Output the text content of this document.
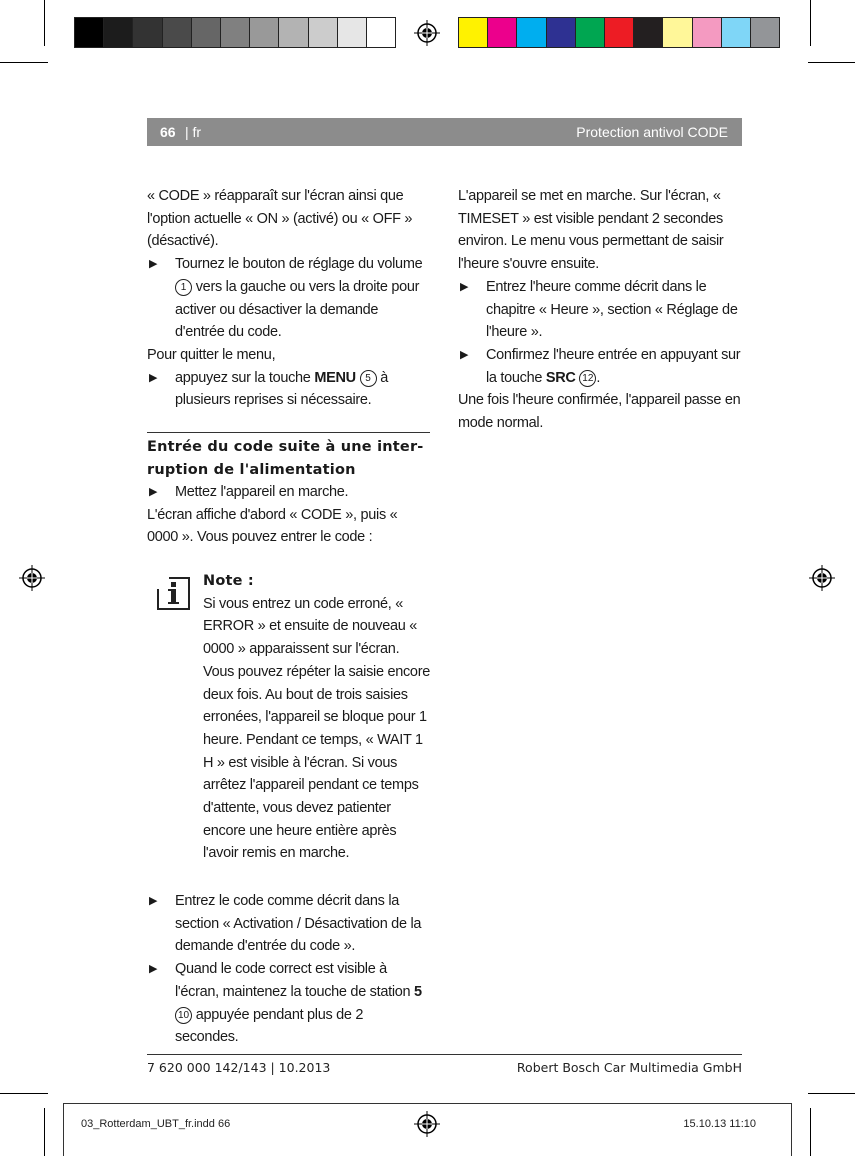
66 | fr	Protection antivol CODE

« CODE » réapparaît sur l'écran ainsi que l'option actuelle « ON » (activé) ou « OFF » (désactivé).

▶ Tournez le bouton de réglage du volume 1 vers la gauche ou vers la droite pour activer ou désactiver la demande d'entrée du code.

Pour quitter le menu,

▶ appuyez sur la touche MENU 5 à plusieurs reprises si nécessaire.
Entrée du code suite à une inter-ruption de l'alimentation
▶ Mettez l'appareil en marche.

L'écran affiche d'abord « CODE », puis « 0000 ». Vous pouvez entrer le code :

Note :

Si vous entrez un code erroné, « ERROR » et ensuite de nouveau « 0000 » apparaissent sur l'écran. Vous pouvez répéter la saisie encore deux fois. Au bout de trois saisies erronées, l'appareil se bloque pour 1 heure. Pendant ce temps, « WAIT 1 H » est visible à l'écran. Si vous arrêtez l'appareil pendant ce temps d'attente, vous devez patienter encore une heure entière après l'avoir remis en marche.

▶ Entrez le code comme décrit dans la section « Activation / Désactivation de la demande d'entrée du code ».
▶ Quand le code correct est visible à l'écran, maintenez la touche de station 5 10 appuyée pendant plus de 2 secondes.

L'appareil se met en marche. Sur l'écran, « TIMESET » est visible pendant 2 secondes environ. Le menu vous permettant de saisir l'heure s'ouvre ensuite.

▶ Entrez l'heure comme décrit dans le chapitre « Heure », section « Réglage de l'heure ».
▶ Confirmez l'heure entrée en appuyant sur la touche SRC 12 .

Une fois l'heure confirmée, l'appareil passe en mode normal.

7 620 000 142/143 | 10.2013	Robert Bosch Car Multimedia GmbH
03_Rotterdam_UBT_fr.indd 66	15.10.13 11:10
